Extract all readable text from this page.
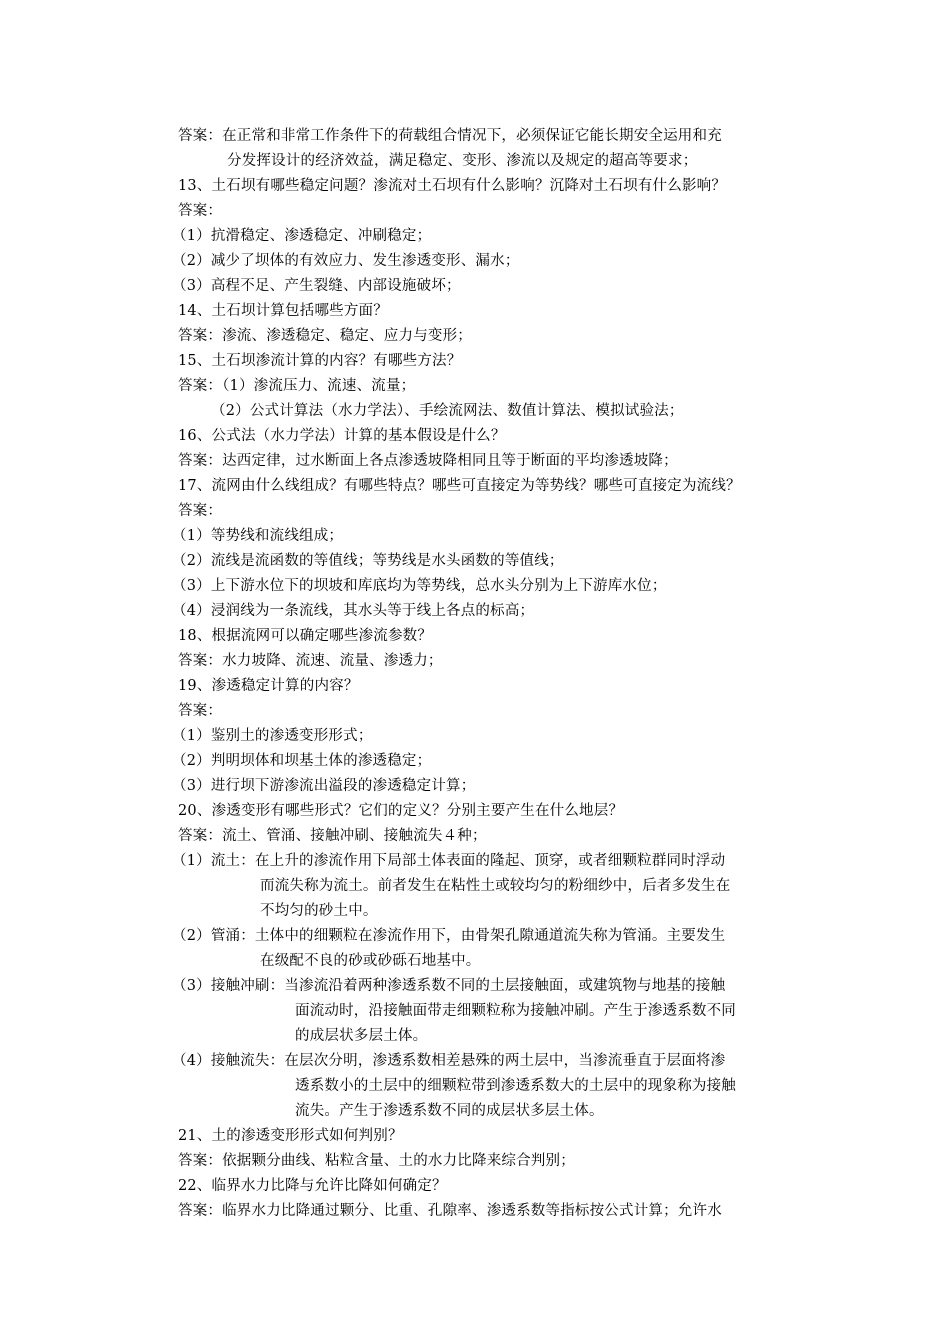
答案：在正常和非常工作条件下的荷载组合情况下，必须保证它能长期安全运用和充
分发挥设计的经济效益，满足稳定、变形、渗流以及规定的超高等要求；
13、土石坝有哪些稳定问题？渗流对土石坝有什么影响？沉降对土石坝有什么影响？
答案：
（1）抗滑稳定、渗透稳定、冲刷稳定；
（2）减少了坝体的有效应力、发生渗透变形、漏水；
（3）高程不足、产生裂缝、内部设施破坏；
14、土石坝计算包括哪些方面？
答案：渗流、渗透稳定、稳定、应力与变形；
15、土石坝渗流计算的内容？有哪些方法？
答案：（1）渗流压力、流速、流量；
（2）公式计算法（水力学法）、手绘流网法、数值计算法、模拟试验法；
16、公式法（水力学法）计算的基本假设是什么？
答案：达西定律，过水断面上各点渗透坡降相同且等于断面的平均渗透坡降；
17、流网由什么线组成？有哪些特点？哪些可直接定为等势线？哪些可直接定为流线？
答案：
（1）等势线和流线组成；
（2）流线是流函数的等值线；等势线是水头函数的等值线；
（3）上下游水位下的坝坡和库底均为等势线，总水头分别为上下游库水位；
（4）浸润线为一条流线，其水头等于线上各点的标高；
18、根据流网可以确定哪些渗流参数？
答案：水力坡降、流速、流量、渗透力；
19、渗透稳定计算的内容？
答案：
（1）鉴别土的渗透变形形式；
（2）判明坝体和坝基土体的渗透稳定；
（3）进行坝下游渗流出溢段的渗透稳定计算；
20、渗透变形有哪些形式？它们的定义？分别主要产生在什么地层？
答案：流土、管涌、接触冲刷、接触流失４种；
（1）流土：在上升的渗流作用下局部土体表面的隆起、顶穿，或者细颗粒群同时浮动
而流失称为流土。前者发生在粘性土或较均匀的粉细纱中，后者多发生在
不均匀的砂土中。
（2）管涌：土体中的细颗粒在渗流作用下，由骨架孔隙通道流失称为管涌。主要发生
在级配不良的砂或砂砾石地基中。
（3）接触冲刷：当渗流沿着两种渗透系数不同的土层接触面，或建筑物与地基的接触
面流动时，沿接触面带走细颗粒称为接触冲刷。产生于渗透系数不同
的成层状多层土体。
（4）接触流失：在层次分明，渗透系数相差悬殊的两土层中，当渗流垂直于层面将渗
透系数小的土层中的细颗粒带到渗透系数大的土层中的现象称为接触
流失。产生于渗透系数不同的成层状多层土体。
21、土的渗透变形形式如何判别？
答案：依据颗分曲线、粘粒含量、土的水力比降来综合判别；
22、临界水力比降与允许比降如何确定？
答案：临界水力比降通过颗分、比重、孔隙率、渗透系数等指标按公式计算；允许水
